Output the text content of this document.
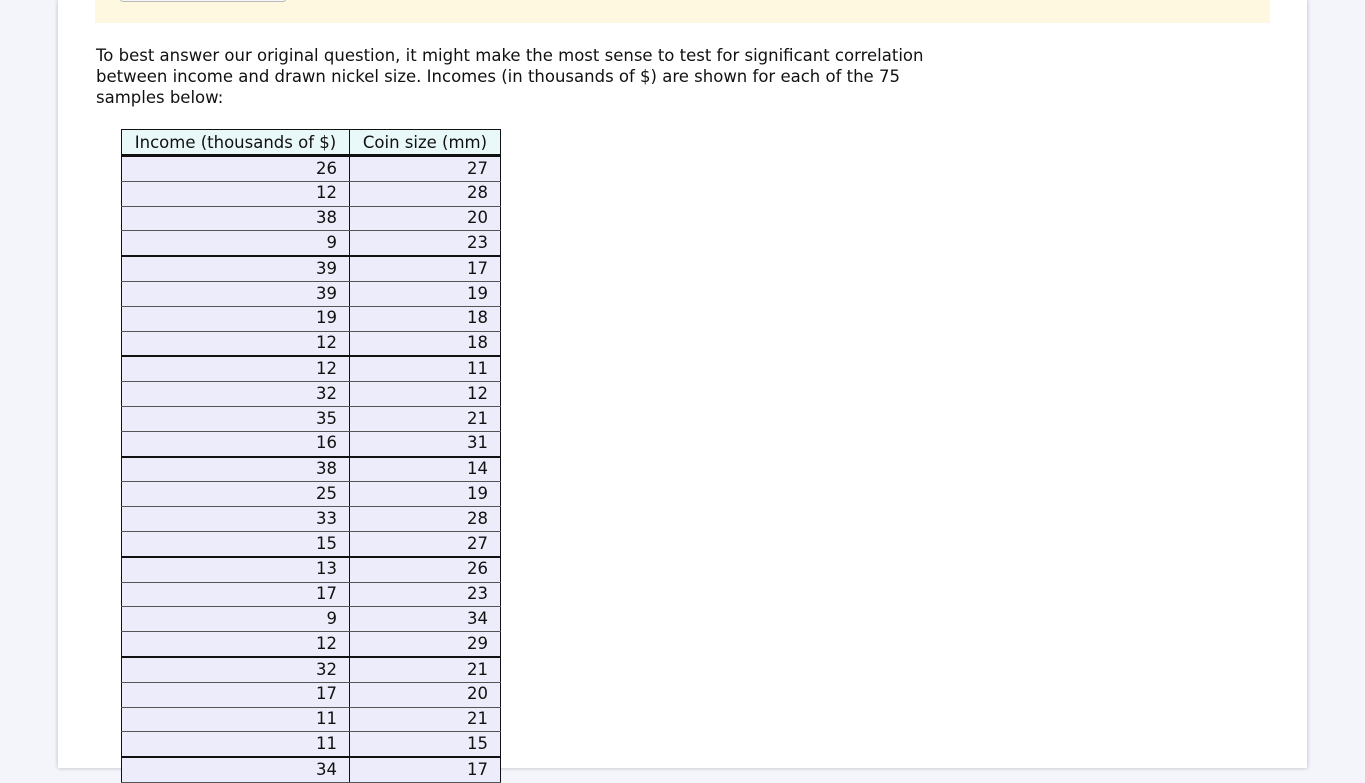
To best answer our original question, it might make the most sense to test for significant correlation between income and drawn nickel size. Incomes (in thousands of $) are shown for each of the 75 samples below:

Income (thousands of $)	Coin size (mm)
26	27
12	28
38	20
9	23
39	17
39	19
19	18
12	18
12	11
32	12
35	21
16	31
38	14
25	19
33	28
15	27
13	26
17	23
9	34
12	29
32	21
17	20
11	21
11	15
34	17
